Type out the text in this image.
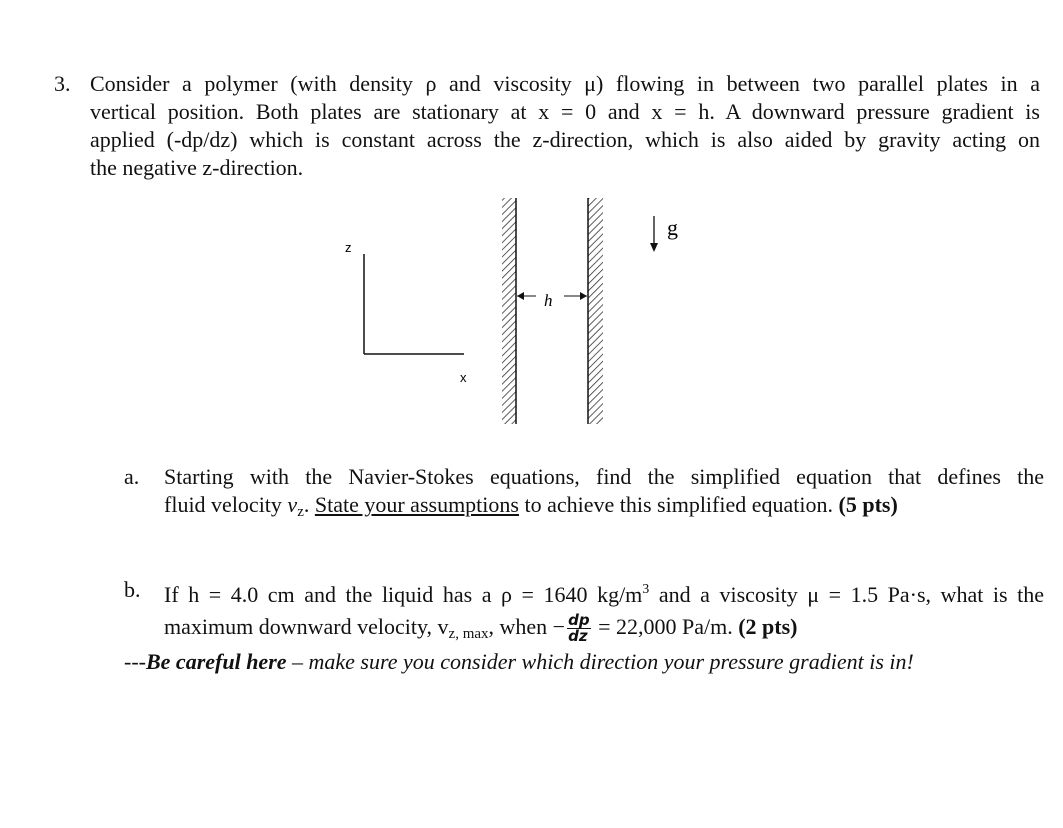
3. Consider a polymer (with density ρ and viscosity μ) flowing in between two parallel plates in a
vertical position. Both plates are stationary at x = 0 and x = h. A downward pressure gradient is
applied (-dp/dz) which is constant across the z-direction, which is also aided by gravity acting on
the negative z-direction.
z
x
h
g
a. Starting with the Navier-Stokes equations, find the simplified equation that defines the
fluid velocity $v_z$. State your assumptions to achieve this simplified equation. (5 pts)
b. If h = 4.0 cm and the liquid has a ρ = 1640 $kg/m^3$ and a viscosity μ = 1.5 Pa·s, what is the
maximum downward velocity, $v_{z, max}$, when − $\frac{dp}{dz} = 22,000$ Pa/m. (2 pts)
---Be careful here – make sure you consider which direction your pressure gradient is in!
